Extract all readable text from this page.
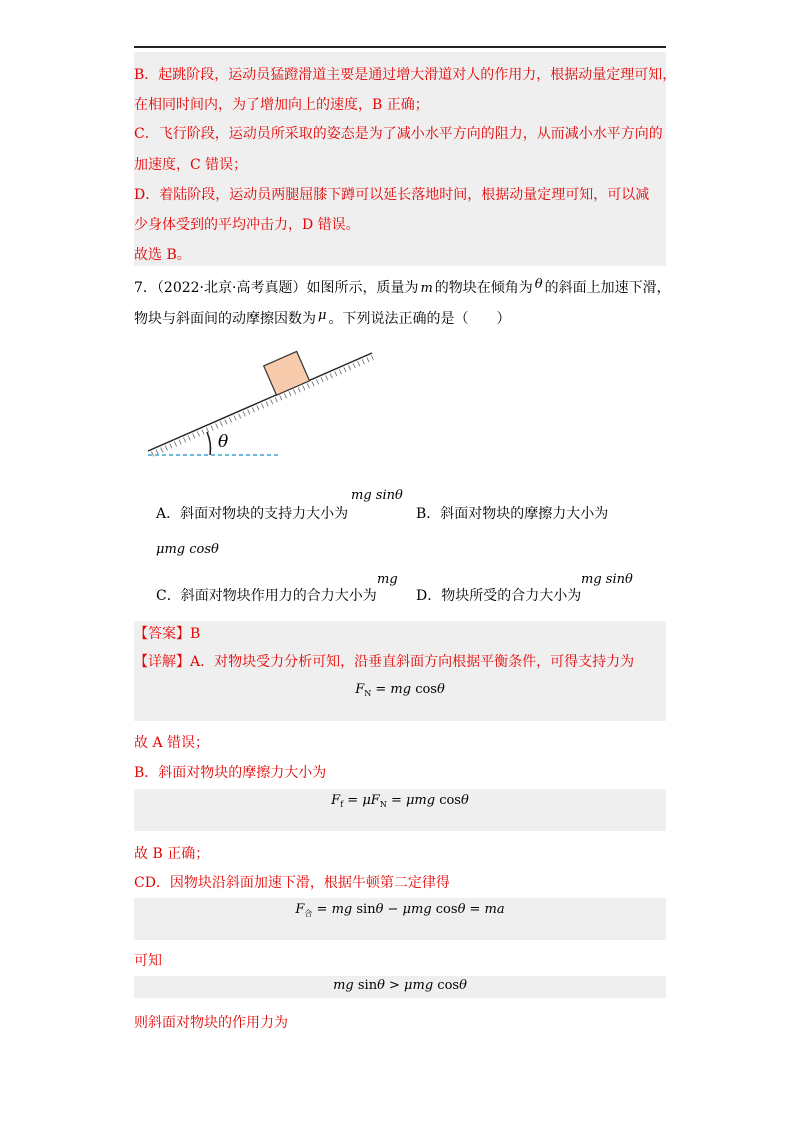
B．起跳阶段，运动员猛蹬滑道主要是通过增大滑道对人的作用力，根据动量定理可知，
在相同时间内，为了增加向上的速度，B 正确；
C．飞行阶段，运动员所采取的姿态是为了减小水平方向的阻力，从而减小水平方向的
加速度，C 错误；
D．着陆阶段，运动员两腿屈膝下蹲可以延长落地时间，根据动量定理可知，可以减
少身体受到的平均冲击力，D 错误。
故选 B。
7．（2022·北京·高考真题）如图所示，质量为 m 的物块在倾角为 θ 的斜面上加速下滑，
物块与斜面间的动摩擦因数为 μ 。下列说法正确的是（　　）
θ
A．斜面对物块的支持力大小为
mg sinθ
B．斜面对物块的摩擦力大小为
μmg cosθ
C．斜面对物块作用力的合力大小为
mg
D．物块所受的合力大小为
mg sinθ
【答案】B
【详解】A．对物块受力分析可知，沿垂直斜面方向根据平衡条件，可得支持力为
$F_N$ = mg cosθ
故 A 错误；
B．斜面对物块的摩擦力大小为
$F_f = \mu F_N = \mu mg$ cosθ
故 B 正确；
CD．因物块沿斜面加速下滑，根据牛顿第二定律得
$F_合$ = mg sinθ − μmg cosθ = ma
可知
mg sinθ > μmg cosθ
则斜面对物块的作用力为
